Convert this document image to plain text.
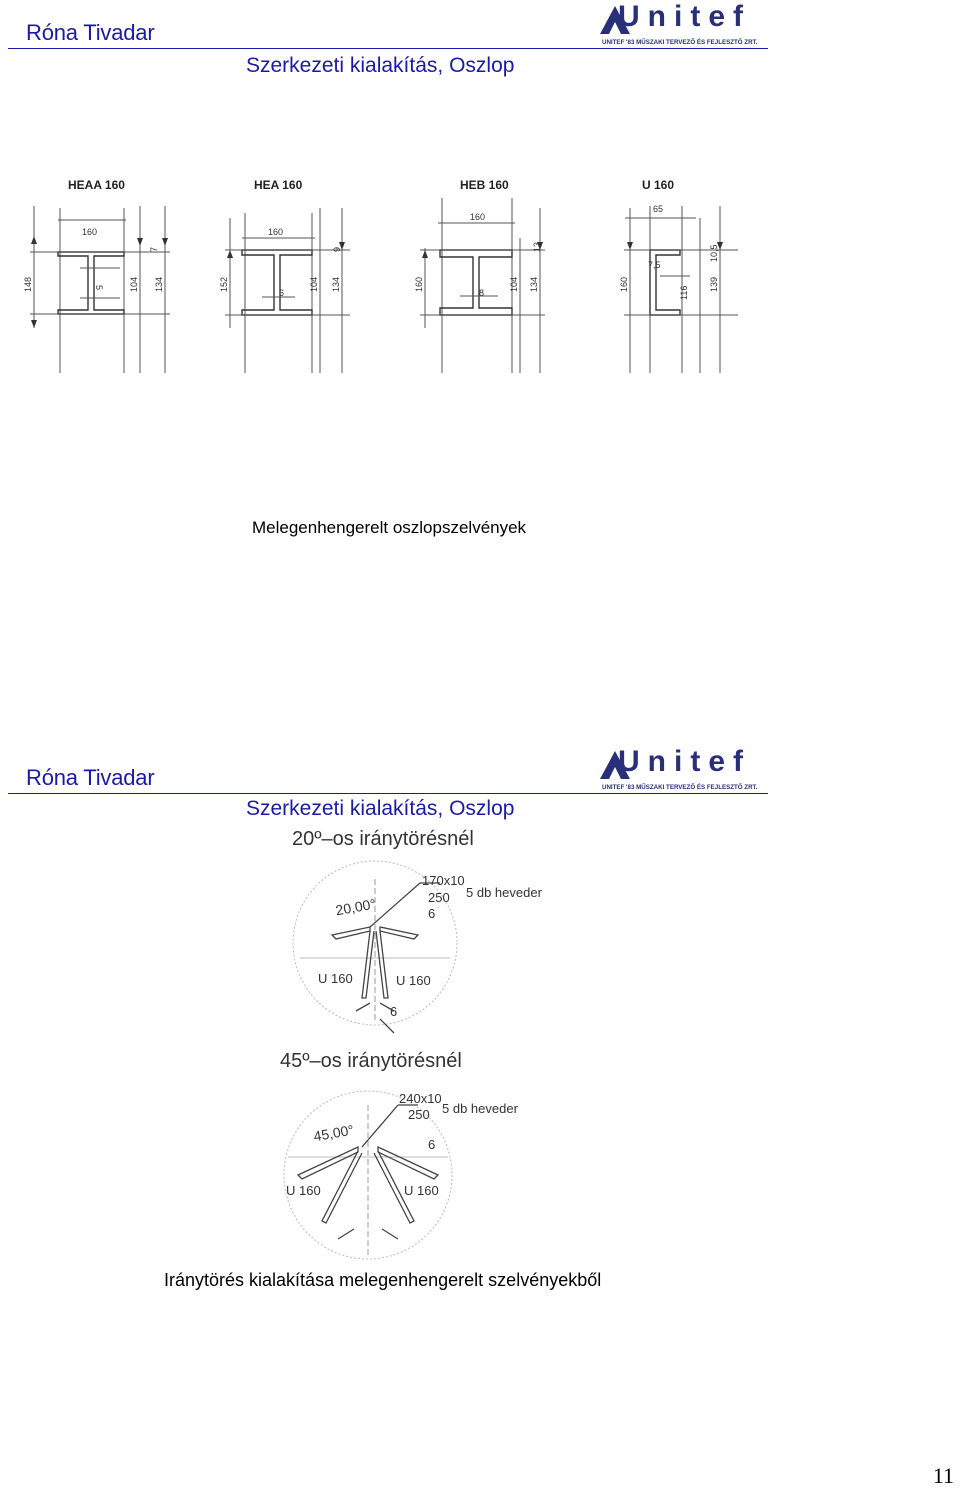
Róna Tivadar
Szerkezeti kialakítás, Oszlop
Unitef
UNITEF '83 MŰSZAKI TERVEZŐ ÉS FEJLESZTŐ ZRT.
HEAA 160	HEA 160	HEB 160	U 160
160	160
160
65
148	152	160	160
104	104	104
116
134	134	134	139
7	9	13	10,5
5
6	8
7,5
Melegenhengerelt oszlopszelvények
Róna Tivadar
Szerkezeti kialakítás, Oszlop
Unitef
UNITEF '83 MŰSZAKI TERVEZŐ ÉS FEJLESZTŐ ZRT.
20º–os iránytörésnél
20,00°
170x10
250
6
5 db heveder
U 160	U 160
6
45º–os iránytörésnél
45,00°
240x10
250
6
5 db heveder
U 160	U 160
Iránytörés kialakítása melegenhengerelt szelvényekből
11
